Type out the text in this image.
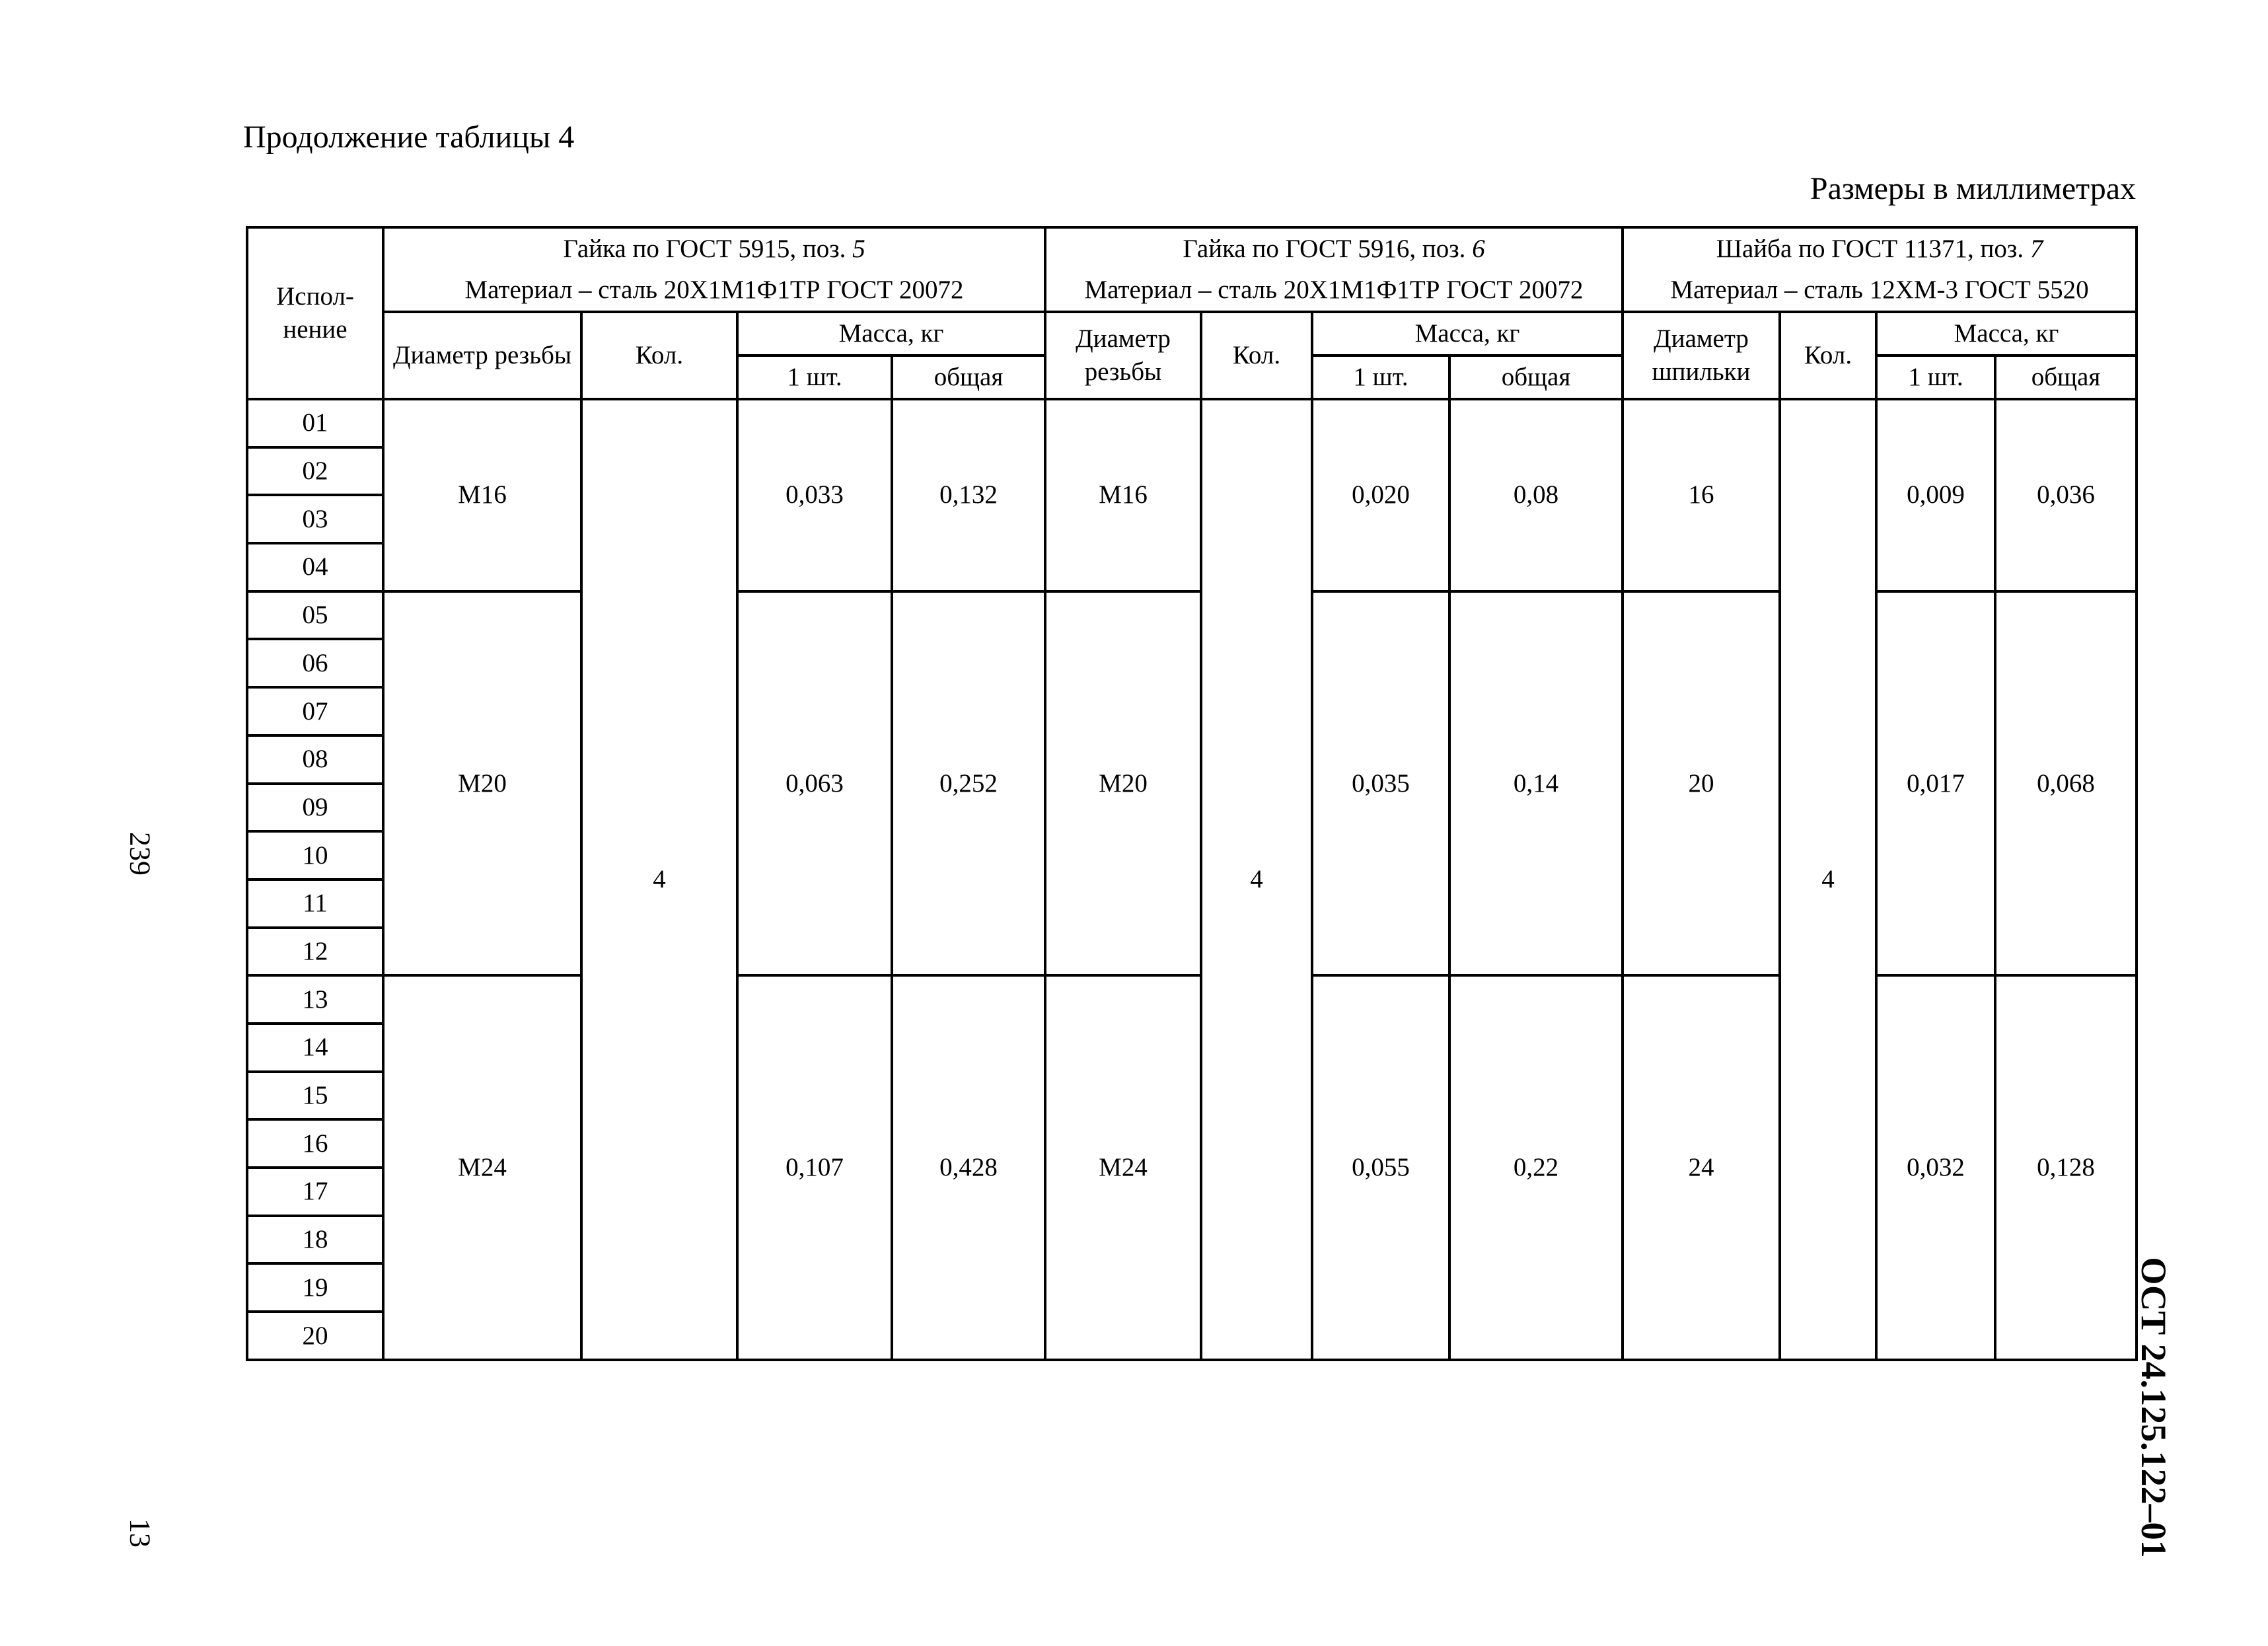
Продолжение таблицы 4
Размеры в миллиметрах
Испол-нение	Гайка по ГОСТ 5915, поз. 5				Гайка по ГОСТ 5916, поз. 6				Шайба по ГОСТ 11371, поз. 7			
	Материал – сталь 20Х1М1Ф1ТР ГОСТ 20072				Материал – сталь 20Х1М1Ф1ТР ГОСТ 20072				Материал – сталь 12ХМ-3 ГОСТ 5520			
	Диаметр резьбы	Кол.	Масса, кг		Диаметр резьбы	Кол.	Масса, кг		Диаметр шпильки	Кол.	Масса, кг	
			1 шт.	общая			1 шт.	общая			1 шт.	общая
01	М16	4	0,033	0,132	М16	4	0,020	0,08	16	4	0,009	0,036
02												
03												
04												
05	М20		0,063	0,252	М20		0,035	0,14	20		0,017	0,068
06												
07												
08												
09												
10												
11												
12												
13	М24		0,107	0,428	М24		0,055	0,22	24		0,032	0,128
14												
15												
16												
17												
18												
19												
20												
239
13	ОСТ 24.125.122–01
